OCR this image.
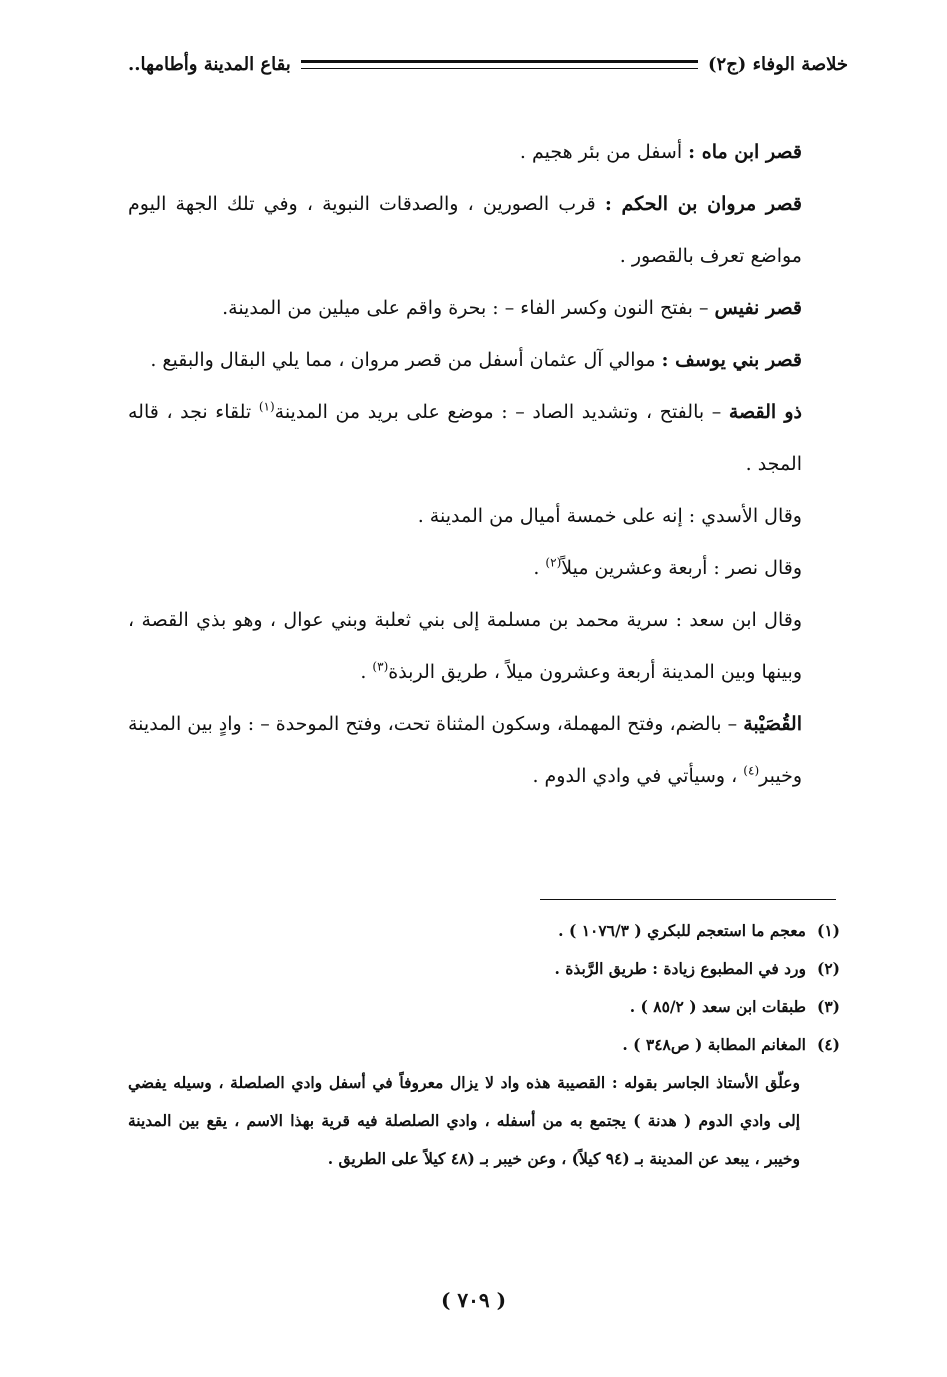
خلاصة الوفاء (ج٢)
بقاع المدينة وأطامها..

قصر ابن ماه : أسفل من بئر هجيم .

قصر مروان بن الحكم : قرب الصورين ، والصدقات النبوية ، وفي تلك الجهة اليوم مواضع تعرف بالقصور .

قصر نفيس – بفتح النون وكسر الفاء – : بحرة واقم على ميلين من المدينة.

قصر بني يوسف : موالي آل عثمان أسفل من قصر مروان ، مما يلي البقال والبقيع .

ذو القصة – بالفتح ، وتشديد الصاد – : موضع على بريد من المدينة$^{(١)}$ تلقاء نجد ، قاله المجد .

وقال الأسدي : إنه على خمسة أميال من المدينة .

وقال نصر : أربعة وعشرين ميلاً$^{(٢)}$ .

وقال ابن سعد : سرية محمد بن مسلمة إلى بني ثعلبة وبني عوال ، وهو بذي القصة ، وبينها وبين المدينة أربعة وعشرون ميلاً ، طريق الربذة$^{(٣)}$ .

القُصَيْبة – بالضم، وفتح المهملة، وسكون المثناة تحت، وفتح الموحدة – : وادٍ بين المدينة وخيبر$^{(٤)}$ ، وسيأتي في وادي الدوم .

(١)معجم ما استعجم للبكري ( ١٠٧٦/٣ ) .

(٢)ورد في المطبوع زيادة : طريق الرَّبذة .

(٣)طبقات ابن سعد ( ٨٥/٢ ) .

(٤)المغانم المطابة ( ص٣٤٨ ) .

وعلّق الأستاذ الجاسر بقوله : القصيبة هذه واد لا يزال معروفاً في أسفل وادي الصلصلة ، وسيله يفضي إلى وادي الدوم ( هدنة ) يجتمع به من أسفله ، وادي الصلصلة فيه قرية بهذا الاسم ، يقع بين المدينة وخيبر ، يبعد عن المدينة بـ (٩٤ كيلاً) ، وعن خيبر بـ (٤٨ كيلاً على الطريق .

( ٧٠٩ )
